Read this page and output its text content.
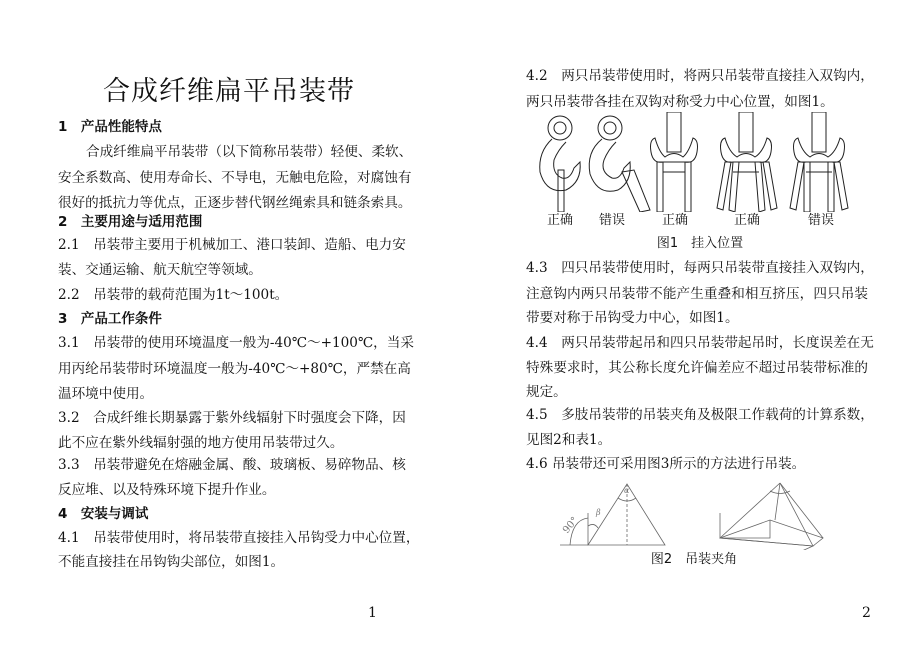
合成纤维扁平吊装带
1　产品性能特点
合成纤维扁平吊装带（以下简称吊装带）轻便、柔软、
安全系数高、使用寿命长、不导电，无触电危险，对腐蚀有
很好的抵抗力等优点，正逐步替代钢丝绳索具和链条索具。
2　主要用途与适用范围
2.1　吊装带主要用于机械加工、港口装卸、造船、电力安
装、交通运输、航天航空等领域。
2.2　吊装带的载荷范围为1t～100t。
3　产品工作条件
3.1　吊装带的使用环境温度一般为-40℃～+100℃，当采
用丙纶吊装带时环境温度一般为-40℃～+80℃，严禁在高
温环境中使用。
3.2　合成纤维长期暴露于紫外线辐射下时强度会下降，因
此不应在紫外线辐射强的地方使用吊装带过久。
3.3　吊装带避免在熔融金属、酸、玻璃板、易碎物品、核
反应堆、以及特殊环境下提升作业。
4　安装与调试
4.1　吊装带使用时，将吊装带直接挂入吊钩受力中心位置，
不能直接挂在吊钩钩尖部位，如图1。
1
4.2　两只吊装带使用时，将两只吊装带直接挂入双钩内，
两只吊装带各挂在双钩对称受力中心位置，如图1。
正确 错误	正确	正确	错误
图1　挂入位置
4.3　四只吊装带使用时，每两只吊装带直接挂入双钩内，
注意钩内两只吊装带不能产生重叠和相互挤压，四只吊装
带要对称于吊钩受力中心，如图1。
4.4　两只吊装带起吊和四只吊装带起吊时，长度误差在无
特殊要求时，其公称长度允许偏差应不超过吊装带标准的
规定。
4.5　多肢吊装带的吊装夹角及极限工作载荷的计算系数，
见图2和表1。
4.6 吊装带还可采用图3所示的方法进行吊装。
90°
β
α
图2　吊装夹角
2
